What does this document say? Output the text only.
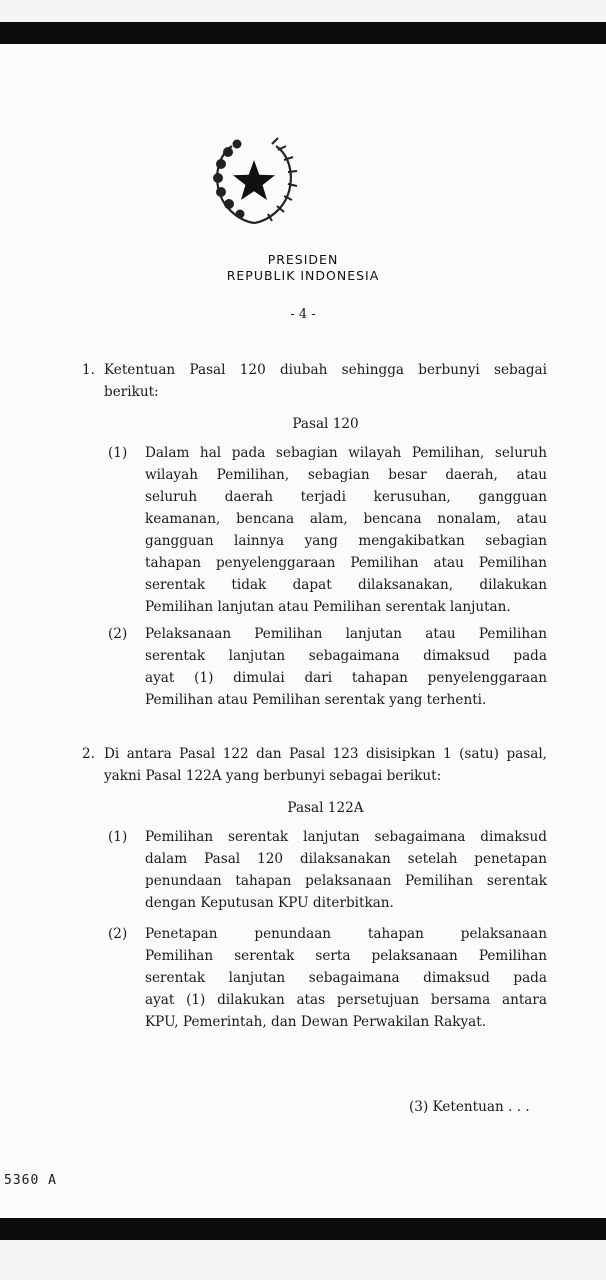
PRESIDEN
REPUBLIK INDONESIA
- 4 -
1. Ketentuan Pasal 120 diubah sehingga berbunyi sebagai
berikut:
Pasal 120
(1) Dalam hal pada sebagian wilayah Pemilihan, seluruh
wilayah Pemilihan, sebagian besar daerah, atau
seluruh daerah terjadi kerusuhan, gangguan
keamanan, bencana alam, bencana nonalam, atau
gangguan lainnya yang mengakibatkan sebagian
tahapan penyelenggaraan Pemilihan atau Pemilihan
serentak tidak dapat dilaksanakan, dilakukan
Pemilihan lanjutan atau Pemilihan serentak lanjutan.
(2) Pelaksanaan Pemilihan lanjutan atau Pemilihan
serentak lanjutan sebagaimana dimaksud pada
ayat (1) dimulai dari tahapan penyelenggaraan
Pemilihan atau Pemilihan serentak yang terhenti.
2. Di antara Pasal 122 dan Pasal 123 disisipkan 1 (satu) pasal,
yakni Pasal 122A yang berbunyi sebagai berikut:
Pasal 122A
(1) Pemilihan serentak lanjutan sebagaimana dimaksud
dalam Pasal 120 dilaksanakan setelah penetapan
penundaan tahapan pelaksanaan Pemilihan serentak
dengan Keputusan KPU diterbitkan.
(2) Penetapan penundaan tahapan pelaksanaan
Pemilihan serentak serta pelaksanaan Pemilihan
serentak lanjutan sebagaimana dimaksud pada
ayat (1) dilakukan atas persetujuan bersama antara
KPU, Pemerintah, dan Dewan Perwakilan Rakyat.
(3) Ketentuan . . .
5360 A
